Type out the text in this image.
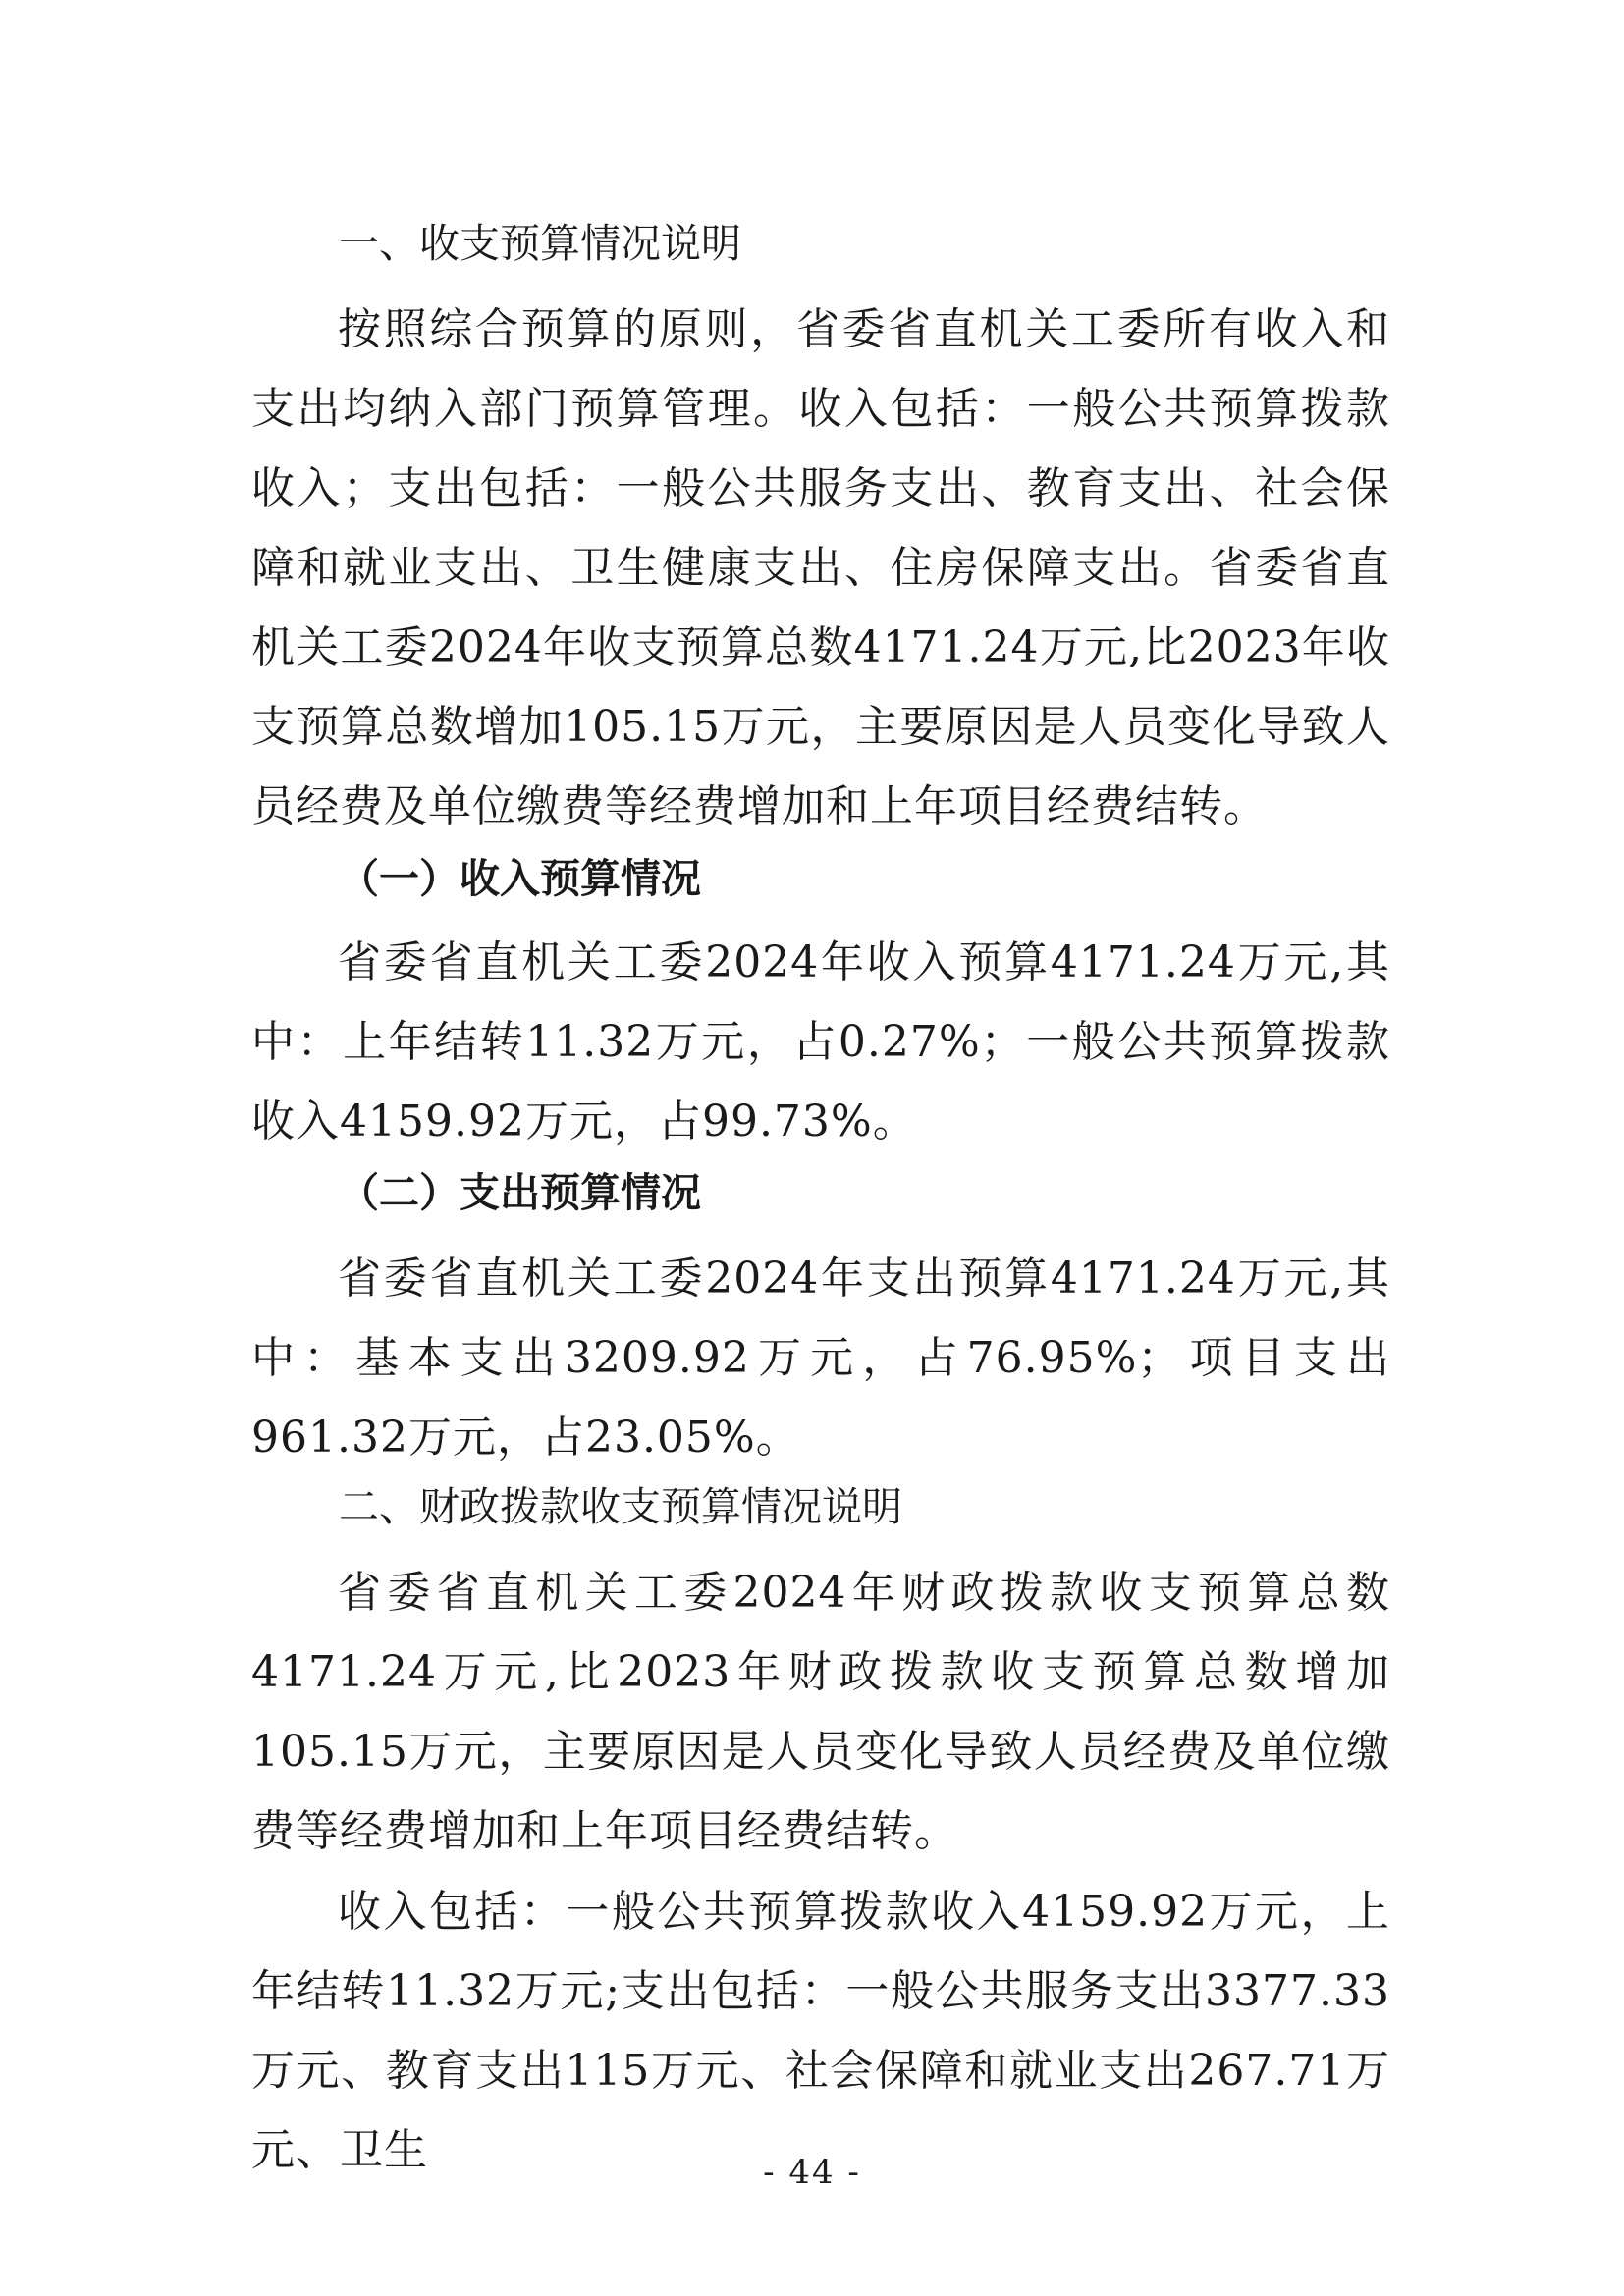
一、收支预算情况说明

按照综合预算的原则，省委省直机关工委所有收入和支出均纳入部门预算管理。收入包括：一般公共预算拨款收入；支出包括：一般公共服务支出、教育支出、社会保障和就业支出、卫生健康支出、住房保障支出。省委省直机关工委2024年收支预算总数4171.24万元,比2023年收支预算总数增加105.15万元，主要原因是人员变化导致人员经费及单位缴费等经费增加和上年项目经费结转。

（一）收入预算情况

省委省直机关工委2024年收入预算4171.24万元,其中：上年结转11.32万元，占0.27%；一般公共预算拨款收入4159.92万元，占99.73%。

（二）支出预算情况

省委省直机关工委2024年支出预算4171.24万元,其中：基本支出3209.92万元，占76.95%；项目支出961.32万元，占23.05%。

二、财政拨款收支预算情况说明

省委省直机关工委2024年财政拨款收支预算总数4171.24万元,比2023年财政拨款收支预算总数增加105.15万元，主要原因是人员变化导致人员经费及单位缴费等经费增加和上年项目经费结转。

收入包括：一般公共预算拨款收入4159.92万元，上年结转11.32万元;支出包括：一般公共服务支出3377.33万元、教育支出115万元、社会保障和就业支出267.71万元、卫生	- 44 -
